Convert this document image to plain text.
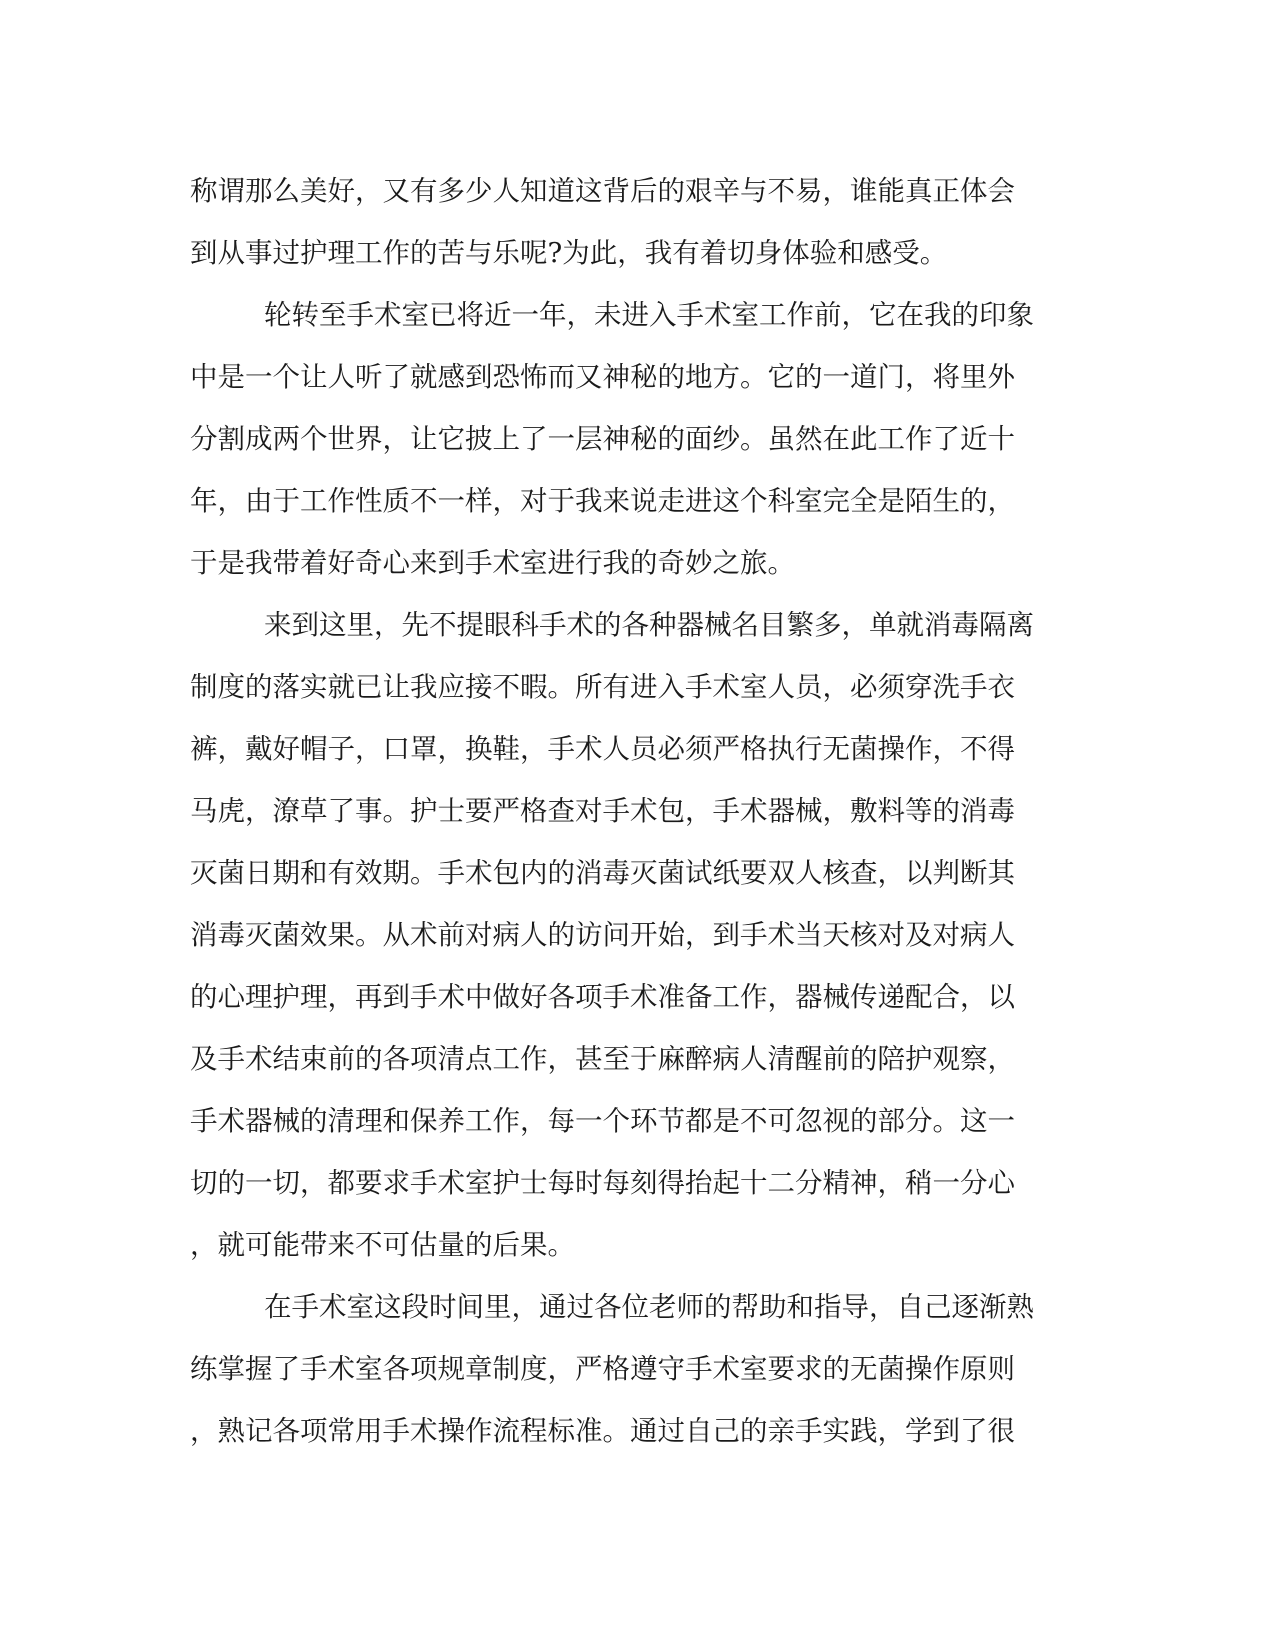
称谓那么美好，又有多少人知道这背后的艰辛与不易，谁能真正体会
到从事过护理工作的苦与乐呢?为此，我有着切身体验和感受。
轮转至手术室已将近一年，未进入手术室工作前，它在我的印象
中是一个让人听了就感到恐怖而又神秘的地方。它的一道门，将里外
分割成两个世界，让它披上了一层神秘的面纱。虽然在此工作了近十
年，由于工作性质不一样，对于我来说走进这个科室完全是陌生的，
于是我带着好奇心来到手术室进行我的奇妙之旅。
来到这里，先不提眼科手术的各种器械名目繁多，单就消毒隔离
制度的落实就已让我应接不暇。所有进入手术室人员，必须穿洗手衣
裤，戴好帽子，口罩，换鞋，手术人员必须严格执行无菌操作，不得
马虎，潦草了事。护士要严格查对手术包，手术器械，敷料等的消毒
灭菌日期和有效期。手术包内的消毒灭菌试纸要双人核查，以判断其
消毒灭菌效果。从术前对病人的访问开始，到手术当天核对及对病人
的心理护理，再到手术中做好各项手术准备工作，器械传递配合，以
及手术结束前的各项清点工作，甚至于麻醉病人清醒前的陪护观察，
手术器械的清理和保养工作，每一个环节都是不可忽视的部分。这一
切的一切，都要求手术室护士每时每刻得抬起十二分精神，稍一分心
，就可能带来不可估量的后果。
在手术室这段时间里，通过各位老师的帮助和指导，自己逐渐熟
练掌握了手术室各项规章制度，严格遵守手术室要求的无菌操作原则
，熟记各项常用手术操作流程标准。通过自己的亲手实践，学到了很
